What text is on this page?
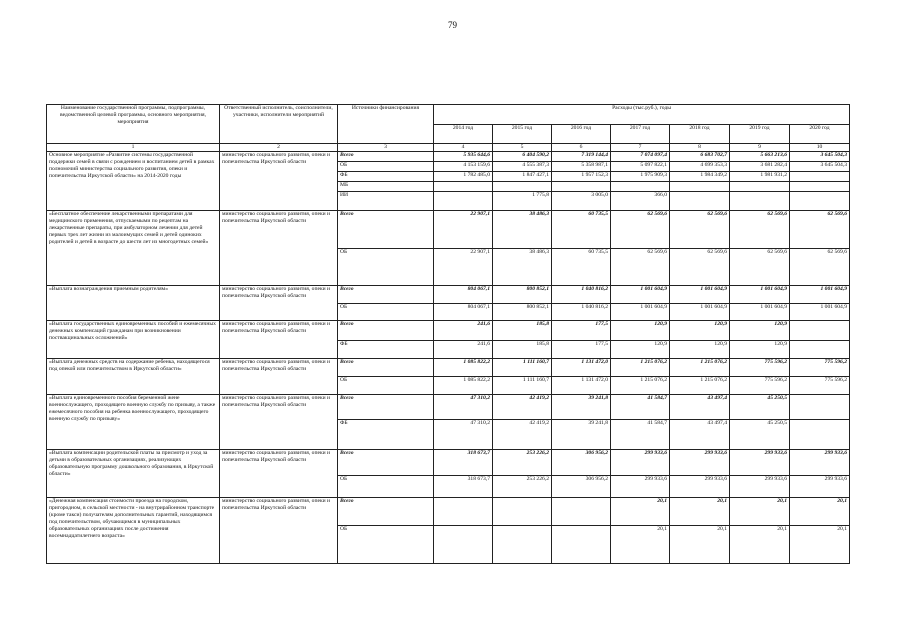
79
Наименование государственной программы, подпрограммы, ведомственной целевой программы, основного мероприятия, мероприятия	Ответственный исполнитель, соисполнители, участники, исполнители мероприятий	Источники финансирования	Расходы (тыс.руб.), годы						
			2014 год	2015 год	2016 год	2017 год	2018 год	2019 год	2020 год
1	2	3	4	5	6	7	8	9	10
Основное мероприятие «Развитие системы государственной поддержки семей в связи с рождением и воспитанием детей в рамках полномочий министерства социального развития, опеки и попечительства Иркутской области» на 2014-2020 годы	министерство социального развития, опеки и попечительства Иркутской области	Всего	5 935 644,6	6 404 590,2	7 319 144,4	7 074 097,4	6 683 702,7	5 663 213,6	3 645 504,3
		ОБ	4 153 159,6	4 555 387,3	5 358 987,1	5 097 822,1	4 699 353,3	3 681 282,4	3 645 504,3
		ФБ	1 782 485,0	1 847 427,1	1 957 152,3	1 975 909,3	1 984 349,2	1 981 931,2	
		МБ							
		ИИ		1 775,8	3 005,0	366,0			
«Бесплатное обеспечение лекарственными препаратами для медицинского применения, отпускаемыми по рецептам на лекарственные препараты, при амбулаторном лечении для детей первых трех лет жизни из малоимущих семей и детей одиноких родителей и детей в возрасте до шести лет из многодетных семей»	министерство социального развития, опеки и попечительства Иркутской области	Всего	22 907,1	38 486,3	60 735,5	62 569,6	62 569,6	62 569,6	62 569,6
		ОБ	22 907,1	38 486,3	60 735,5	62 569,6	62 569,6	62 569,6	62 569,6
«Выплата вознаграждения приемным родителям»	министерство социального развития, опеки и попечительства Иркутской области	Всего	804 067,1	800 852,1	1 040 816,2	1 001 604,9	1 001 604,9	1 001 604,9	1 001 604,9
		ОБ	804 067,1	800 852,1	1 040 816,2	1 001 604,9	1 001 604,9	1 001 604,9	1 001 604,9
«Выплата государственных единовременных пособий и ежемесячных денежных компенсаций гражданам при возникновении поствакцинальных осложнений»	министерство социального развития, опеки и попечительства Иркутской области	Всего	241,6	185,8	177,5	120,9	120,9	120,9	
		ФБ	241,6	185,8	177,5	120,9	120,9	120,9	
«Выплата денежных средств на содержание ребенка, находящегося под опекой или попечительством в Иркутской области»	министерство социального развития, опеки и попечительства Иркутской области	Всего	1 085 822,2	1 111 160,7	1 131 472,0	1 215 076,2	1 215 076,2	775 596,2	775 596,2
		ОБ	1 085 822,2	1 111 160,7	1 131 472,0	1 215 076,2	1 215 076,2	775 596,2	775 596,2
«Выплата единовременного пособия беременной жене военнослужащего, проходящего военную службу по призыву, а также ежемесячного пособия на ребенка военнослужащего, проходящего военную службу по призыву»	министерство социального развития, опеки и попечительства Иркутской области	Всего	47 310,2	42 419,2	39 241,8	41 584,7	43 497,4	45 250,5	
		ФБ	47 310,2	42 419,2	39 241,8	41 584,7	43 497,4	45 250,5	
«Выплата компенсации родительской платы за присмотр и уход за детьми в образовательных организациях, реализующих образовательную программу дошкольного образования, в Иркутской области»	министерство социального развития, опеки и попечительства Иркутской области	Всего	318 673,7	253 226,2	306 956,2	299 933,6	299 933,6	299 933,6	299 933,6
		ОБ	318 673,7	253 226,2	306 956,2	299 933,6	299 933,6	299 933,6	299 933,6
«Денежная компенсация стоимости проезда на городском, пригородном, в сельской местности - на внутрирайонном транспорте (кроме такси) получателям дополнительных гарантий, находящимся под попечительством, обучающимся в муниципальных образовательных организациях после достижения восемнадцатилетнего возраста»	министерство социального развития, опеки и попечительства Иркутской области	Всего				20,1	20,1	20,1	20,1
		ОБ				20,1	20,1	20,1	20,1
